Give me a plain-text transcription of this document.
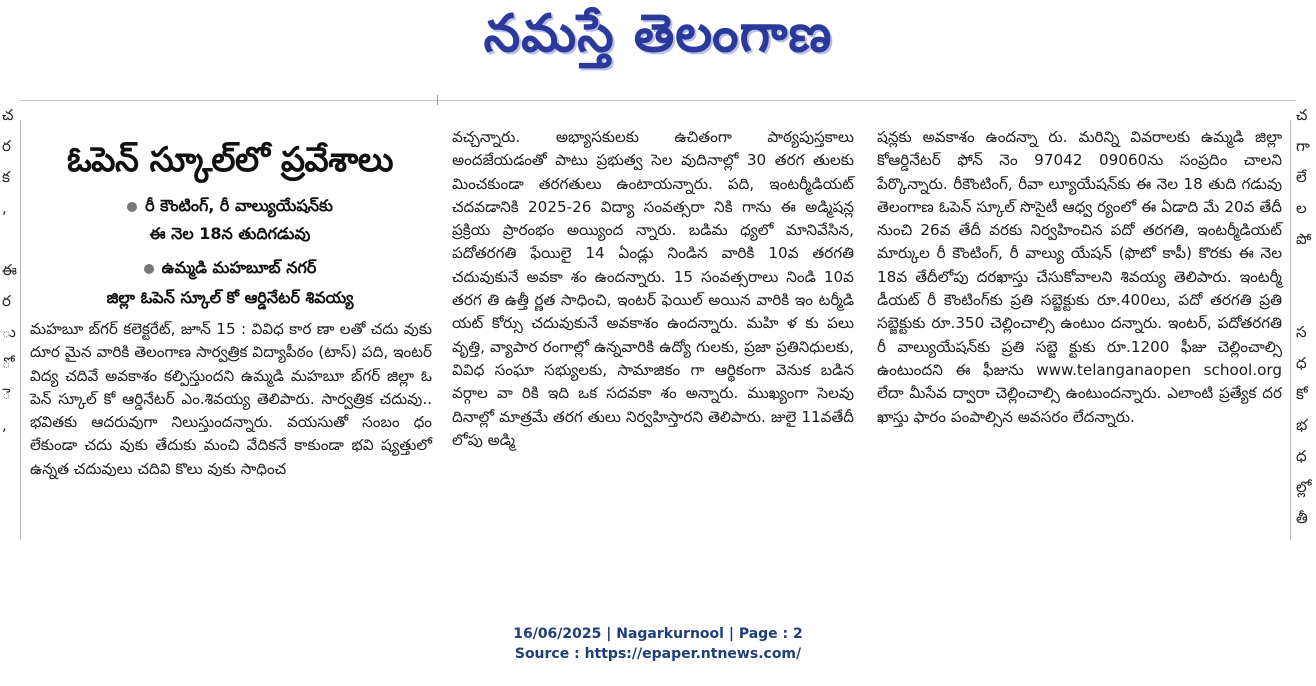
నమస్తే తెలంగాణ
చ
ర
క
,

ఈ
ర
ు
ో
ె
,
చ
గా
లే
ల
పో

స
ధ
కో
భ
ధ
ల్లో
తీ
ఓపెన్ స్కూల్‌లో ప్రవేశాలు
రీ కౌంటింగ్, రీ వాల్యుయేషన్‌కు
ఈ నెల 18న తుదిగడువు
ఉమ్మడి మహబూబ్ నగర్
జిల్లా ఓపెన్ స్కూల్ కో ఆర్డినేటర్ శివయ్య

మహబూ బ్‌గర్ కలెక్టరేట్, జూన్ 15 : వివిధ కార ణా లతో చదు వుకు దూర మైన వారికి తెలంగాణ సార్వత్రిక విద్యాపీఠం (టాస్) పది, ఇంటర్ విద్య చదివే అవకాశం కల్పిస్తుందని ఉమ్మడి మహబూ బ్‌గర్ జిల్లా ఓ పెన్ స్కూల్ కో ఆర్డినేటర్ ఎం.శివయ్య తెలిపారు. సార్వత్రిక చదువు.. భవితకు ఆదరువుగా నిలుస్తుందన్నారు. వయసుతో సంబం ధం లేకుండా చదు వుకు తేదుకు మంచి వేదికనే కాకుండా భవి ష్యత్తులో ఉన్నత చదువులు చదివి కొలు వుకు సాధించ

వచ్చన్నారు. అభ్యాసకులకు ఉచితంగా పాఠ్యపుస్తకాలు అందజేయడంతో పాటు ప్రభుత్వ సెల వుదినాల్లో 30 తరగ తులకు మించకుండా తరగతులు ఉంటాయన్నారు. పది, ఇంటర్మీడియట్ చదవడానికి 2025-26 విద్యా సంవత్సరా నికి గాను ఈ అడ్మిషన్ల ప్రక్రియ ప్రారంభం అయ్యింద న్నారు. బడిమ ధ్యలో మానివేసిన, పదోతరగతి ఫేయిలై 14 ఏండ్లు నిండిన వారికి 10వ తరగతి చదువుకునే అవకా శం ఉందన్నారు. 15 సంవత్సరాలు నిండి 10వ తరగ తి ఉత్తీ ర్ణత సాధించి, ఇంటర్ ఫెయిల్ అయిన వారికి ఇం టర్మీడి యట్ కోర్సు చదువుకునే అవకాశం ఉందన్నారు. మహి ళ కు పలు వృత్తి, వ్యాపార రంగాల్లో ఉన్నవారికి ఉద్యో గులకు, ప్రజా ప్రతినిధులకు, వివిధ సంఘా సభ్యులకు, సామాజికం గా ఆర్థికంగా వెనుక బడిన వర్గాల వా రికి ఇది ఒక సదవకా శం అన్నారు. ముఖ్యంగా సెలవు దినాల్లో మాత్రమే తరగ తులు నిర్వహిస్తారని తెలిపారు. జులై 11వతేదీ లోపు అడ్మి

షన్లకు అవకాశం ఉందన్నా రు. మరిన్ని వివరాలకు ఉమ్మడి జిల్లా కోఆర్డినేటర్ ఫోన్ నెం 97042 09060ను సంప్రదిం చాలని పేర్కొన్నారు. రీకౌంటింగ్, రీవా ల్యూయేషన్‌కు ఈ నెల 18 తుది గడువు తెలంగాణ ఓపెన్ స్కూల్ సొసైటీ ఆధ్వ ర్యంలో ఈ ఏడాది మే 20వ తేదీ నుంచి 26వ తేదీ వరకు నిర్వహించిన పదో తరగతి, ఇంటర్మీడియట్ మార్కుల రీ కౌంటింగ్, రీ వాల్యు యేషన్ (ఫొటో కాపీ) కొరకు ఈ నెల 18వ తేదీలోపు దరఖాస్తు చేసుకోవాలని శివయ్య తెలిపారు. ఇంటర్మీ డీయట్ రీ కౌంటింగ్‌కు ప్రతి సబ్జెక్టుకు రూ.400లు, పదో తరగతి ప్రతి సబ్జెక్టుకు రూ.350 చెల్లించాల్సి ఉంటుం దన్నారు. ఇంటర్, పదోతరగతి రీ వాల్యుయేషన్‌కు ప్రతి సబ్జె క్టుకు రూ.1200 ఫీజు చెల్లించాల్సి ఉంటుందని ఈ ఫీజును www.telanganaopen school.org లేదా మీసేవ ద్వారా చెల్లించాల్సి ఉంటుందన్నారు. ఎలాంటి ప్రత్యేక దర ఖాస్తు ఫారం పంపాల్సిన అవసరం లేదన్నారు.

16/06/2025 | Nagarkurnool | Page : 2
Source : https://epaper.ntnews.com/
